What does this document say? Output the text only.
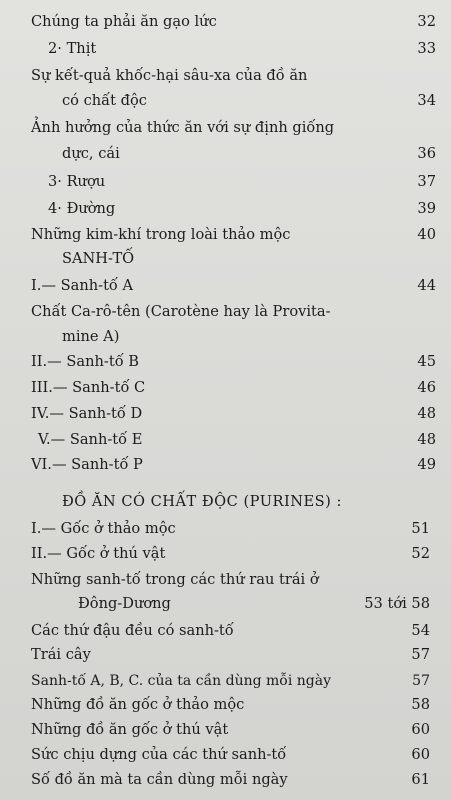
Chúng ta phải ăn gạo lức	32
2· Thịt	33
Sự kết-quả khốc-hại sâu-xa của đồ ăn
có chất độc	34
Ảnh hưởng của thức ăn với sự định giống
dực, cái	36
3· Rượu	37
4· Đường	39
Những kim-khí trong loài thảo mộc	40
SANH-TỐ
I.— Sanh-tố A	44
Chất Ca-rô-tên (Carotène hay là Provita-
mine A)
II.— Sanh-tố B	45
III.— Sanh-tố C	46
IV.— Sanh-tố D	48
V.— Sanh-tố E	48
VI.— Sanh-tố P	49
ĐỒ ĂN CÓ CHẤT ĐỘC (PURINES) :
I.— Gốc ở thảo mộc	51
II.— Gốc ở thú vật	52
Những sanh-tố trong các thứ rau trái ở
Đông-Dương	53 tới 58
Các thứ đậu đều có sanh-tố	54
Trái cây	57
Sanh-tố A, B, C. của ta cần dùng mỗi ngày	57
Những đồ ăn gốc ở thảo mộc	58
Những đồ ăn gốc ở thú vật	60
Sức chịu dựng của các thứ sanh-tố	60
Số đồ ăn mà ta cần dùng mỗi ngày	61
